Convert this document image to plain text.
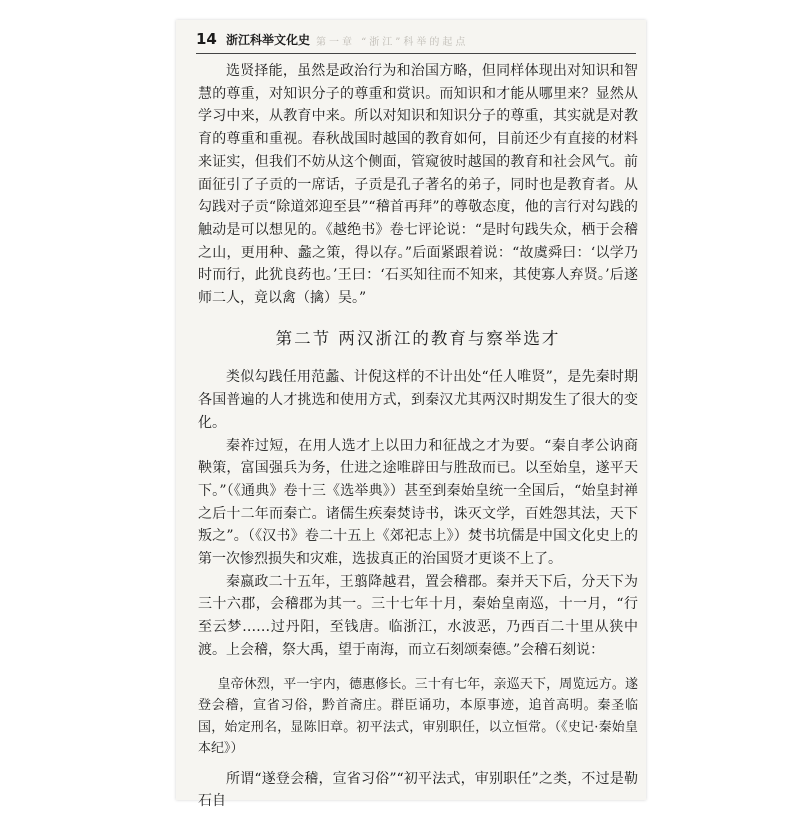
14 浙江科举文化史 第一章 “浙江”科举的起点

选贤择能，虽然是政治行为和治国方略，但同样体现出对知识和智慧的尊重，对知识分子的尊重和赏识。而知识和才能从哪里来？显然从学习中来，从教育中来。所以对知识和知识分子的尊重，其实就是对教育的尊重和重视。春秋战国时越国的教育如何，目前还少有直接的材料来证实，但我们不妨从这个侧面，管窥彼时越国的教育和社会风气。前面征引了子贡的一席话，子贡是孔子著名的弟子，同时也是教育者。从勾践对子贡“除道郊迎至县”“稽首再拜”的尊敬态度，他的言行对勾践的触动是可以想见的。《越绝书》卷七评论说：“是时句践失众，栖于会稽之山，更用种、蠡之策，得以存。”后面紧跟着说：“故虞舜曰：‘以学乃时而行，此犹良药也。’王曰：‘石买知往而不知来，其使寡人弃贤。’后遂师二人，竟以禽（擒）吴。”

第二节 两汉浙江的教育与察举选才

类似勾践任用范蠡、计倪这样的不计出处“任人唯贤”，是先秦时期各国普遍的人才挑选和使用方式，到秦汉尤其两汉时期发生了很大的变化。

秦祚过短，在用人选才上以田力和征战之才为要。“秦自孝公讷商鞅策，富国强兵为务，仕进之途唯辟田与胜敌而已。以至始皇，遂平天下。”（《通典》卷十三《选举典》）甚至到秦始皇统一全国后，“始皇封禅之后十二年而秦亡。诸儒生疾秦焚诗书，诛灭文学，百姓怨其法，天下叛之”。（《汉书》卷二十五上《郊祀志上》）焚书坑儒是中国文化史上的第一次惨烈损失和灾难，选拔真正的治国贤才更谈不上了。

秦嬴政二十五年，王翦降越君，置会稽郡。秦并天下后，分天下为三十六郡，会稽郡为其一。三十七年十月，秦始皇南巡，十一月，“行至云梦……过丹阳，至钱唐。临浙江，水波恶，乃西百二十里从狭中渡。上会稽，祭大禹，望于南海，而立石刻颂秦德。”会稽石刻说：

皇帝休烈，平一宇内，德惠修长。三十有七年，亲巡天下，周览远方。遂登会稽，宣省习俗，黔首斋庄。群臣诵功，本原事迹，追首高明。秦圣临国，始定刑名，显陈旧章。初平法式，审别职任，以立恒常。（《史记·秦始皇本纪》）

所谓“遂登会稽，宣省习俗”“初平法式，审别职任”之类，不过是勒石自
